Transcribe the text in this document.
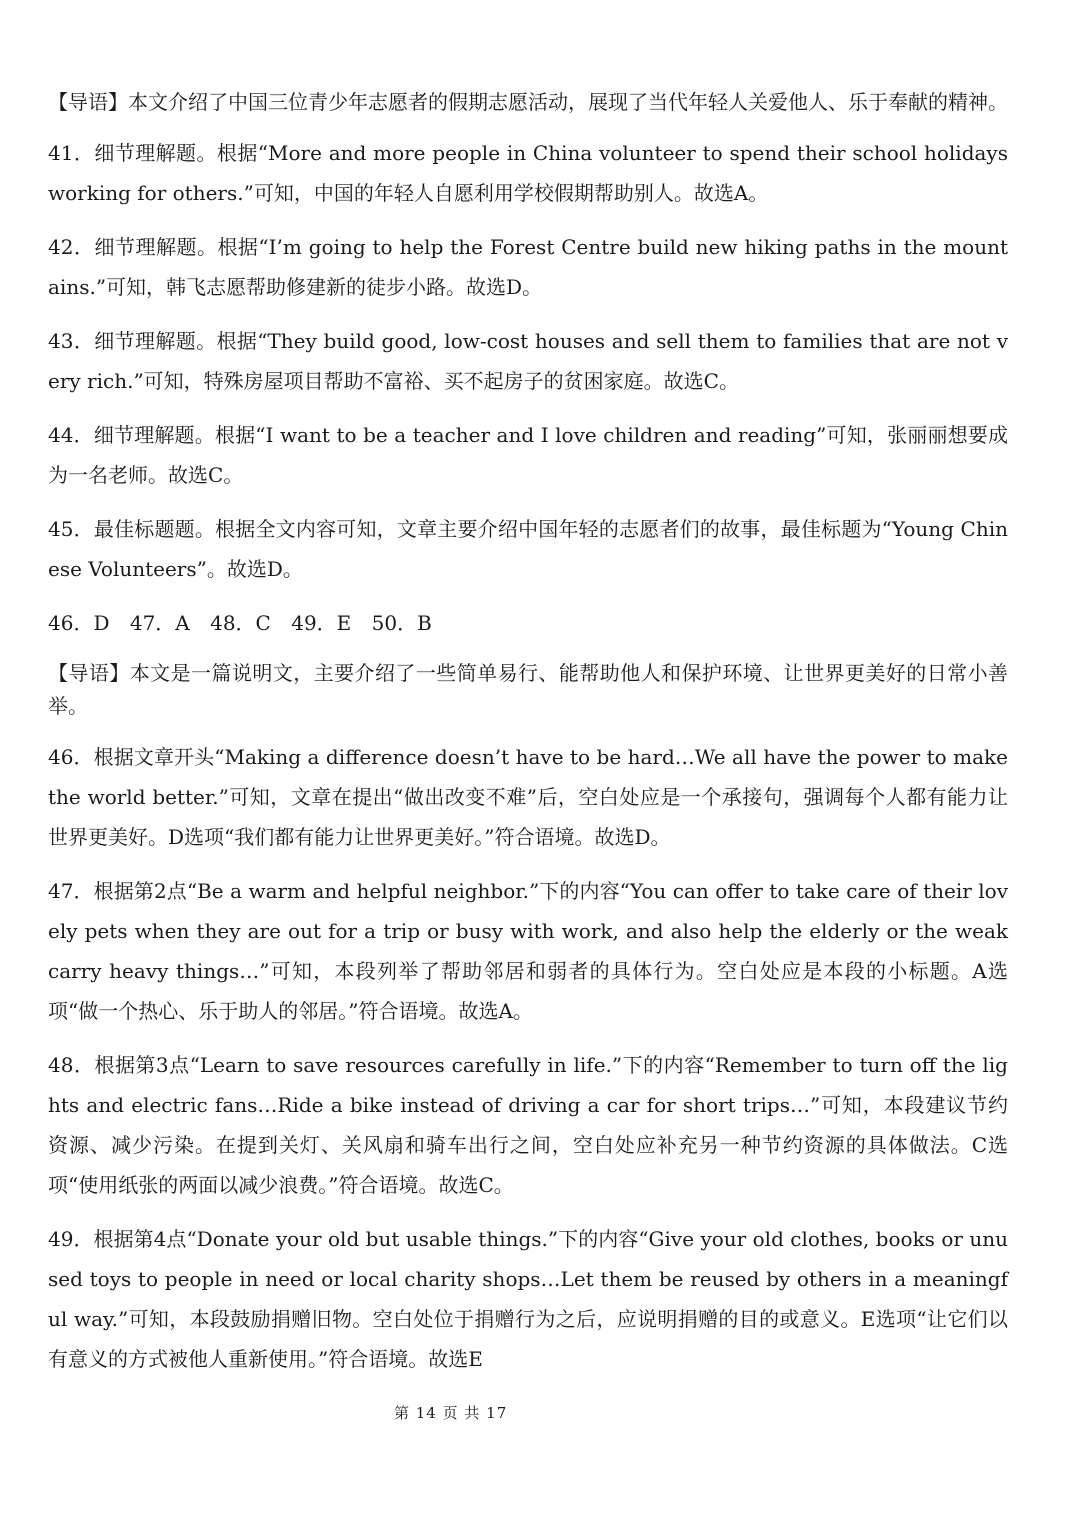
【导语】本文介绍了中国三位青少年志愿者的假期志愿活动，展现了当代年轻人关爱他人、乐于奉献的精神。

41．细节理解题。根据“More and more people in China volunteer to spend their school holidays working for others.”可知，中国的年轻人自愿利用学校假期帮助别人。故选A。

42．细节理解题。根据“I’m going to help the Forest Centre build new hiking paths in the mountains.”可知，韩飞志愿帮助修建新的徒步小路。故选D。

43．细节理解题。根据“They build good, low-cost houses and sell them to families that are not very rich.”可知，特殊房屋项目帮助不富裕、买不起房子的贫困家庭。故选C。

44．细节理解题。根据“I want to be a teacher and I love children and reading”可知，张丽丽想要成为一名老师。故选C。

45．最佳标题题。根据全文内容可知，文章主要介绍中国年轻的志愿者们的故事，最佳标题为“Young Chinese Volunteers”。故选D。

46．D 47．A 48．C 49．E 50．B

【导语】本文是一篇说明文，主要介绍了一些简单易行、能帮助他人和保护环境、让世界更美好的日常小善举。

46．根据文章开头“Making a difference doesn’t have to be hard…We all have the power to make the world better.”可知，文章在提出“做出改变不难”后，空白处应是一个承接句，强调每个人都有能力让世界更美好。D选项“我们都有能力让世界更美好。”符合语境。故选D。

47．根据第2点“Be a warm and helpful neighbor.”下的内容“You can offer to take care of their lovely pets when they are out for a trip or busy with work, and also help the elderly or the weak carry heavy things…”可知，本段列举了帮助邻居和弱者的具体行为。空白处应是本段的小标题。A选项“做一个热心、乐于助人的邻居。”符合语境。故选A。

48．根据第3点“Learn to save resources carefully in life.”下的内容“Remember to turn off the lights and electric fans…Ride a bike instead of driving a car for short trips…”可知，本段建议节约资源、减少污染。在提到关灯、关风扇和骑车出行之间，空白处应补充另一种节约资源的具体做法。C选项“使用纸张的两面以减少浪费。”符合语境。故选C。

49．根据第4点“Donate your old but usable things.”下的内容“Give your old clothes, books or unused toys to people in need or local charity shops…Let them be reused by others in a meaningful way.”可知，本段鼓励捐赠旧物。空白处位于捐赠行为之后，应说明捐赠的目的或意义。E选项“让它们以有意义的方式被他人重新使用。”符合语境。故选E

第 14 页 共 17
